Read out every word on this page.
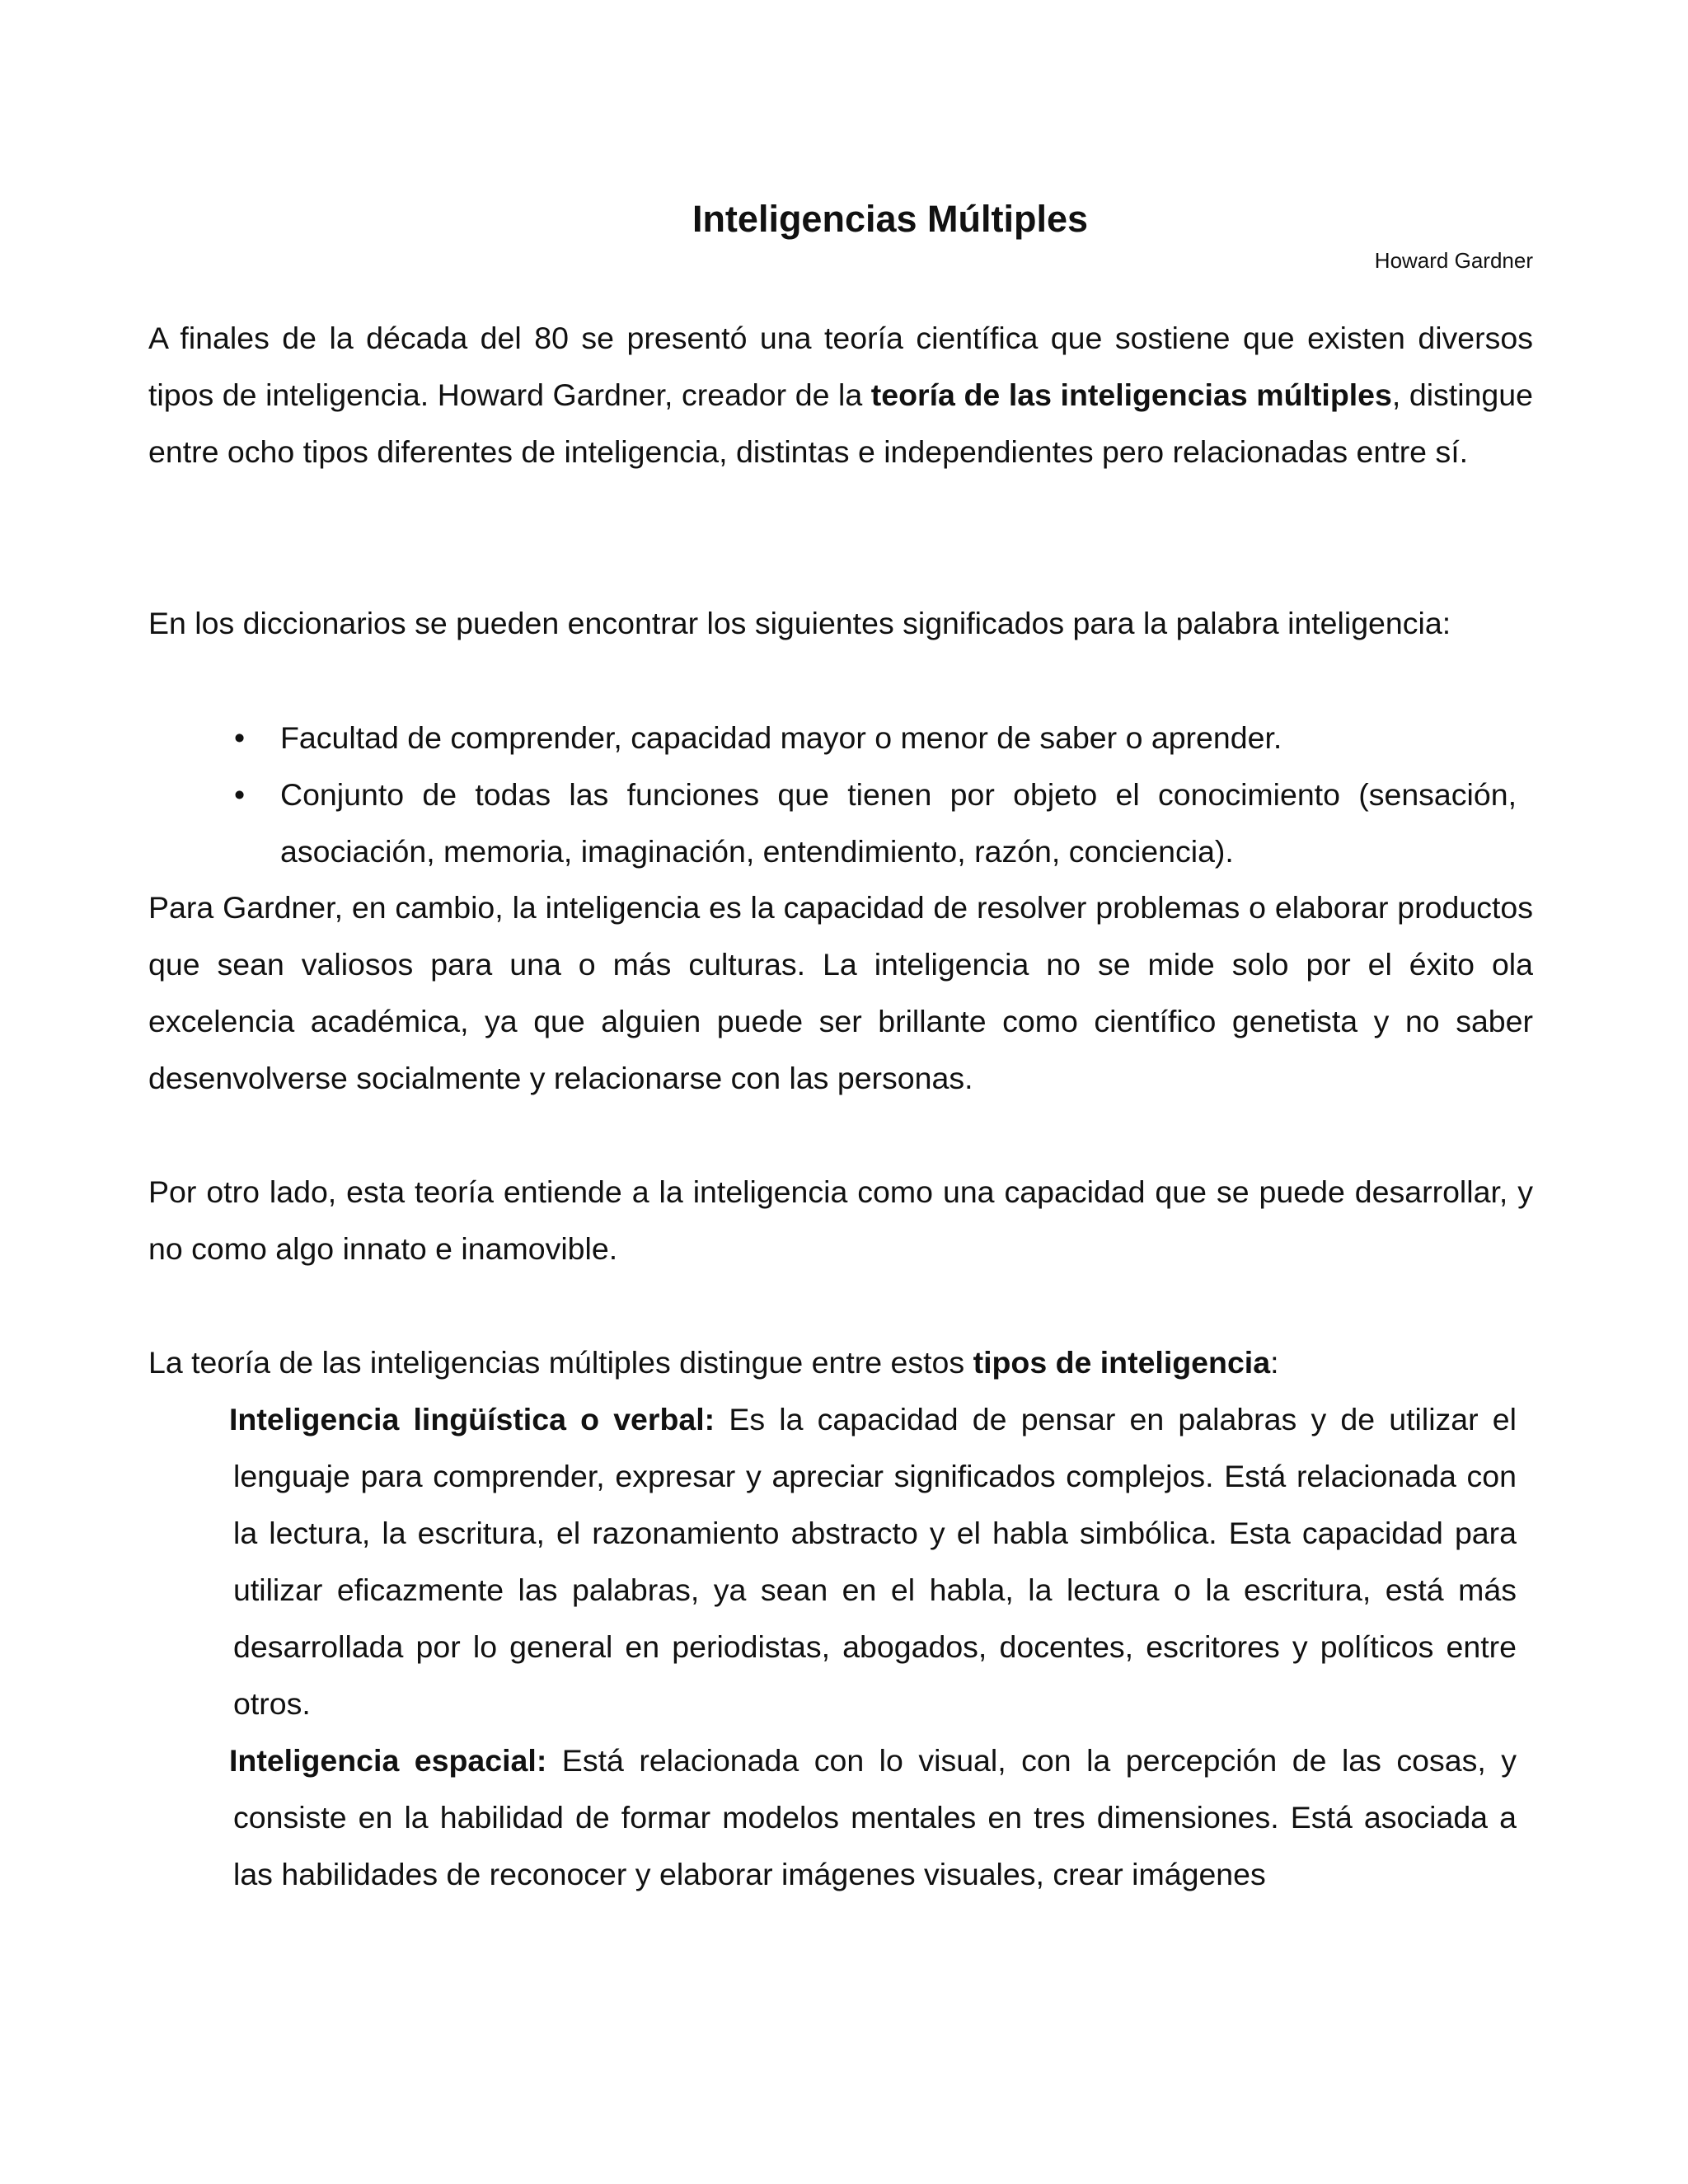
Inteligencias Múltiples
Howard Gardner

A finales de la década del 80 se presentó una teoría científica que sostiene que existen diversos tipos de inteligencia. Howard Gardner, creador de la teoría de las inteligencias múltiples, distingue entre ocho tipos diferentes de inteligencia, distintas e independientes pero relacionadas entre sí.

En los diccionarios se pueden encontrar los siguientes significados para la palabra inteligencia:

• Facultad de comprender, capacidad mayor o menor de saber o aprender.
• Conjunto de todas las funciones que tienen por objeto el conocimiento (sensación, asociación, memoria, imaginación, entendimiento, razón, conciencia).

Para Gardner, en cambio, la inteligencia es la capacidad de resolver problemas o elaborar productos que sean valiosos para una o más culturas. La inteligencia no se mide solo por el éxito ola excelencia académica, ya que alguien puede ser brillante como científico genetista y no saber desenvolverse socialmente y relacionarse con las personas.

Por otro lado, esta teoría entiende a la inteligencia como una capacidad que se puede desarrollar, y no como algo innato e inamovible.

La teoría de las inteligencias múltiples distingue entre estos tipos de inteligencia:

Inteligencia lingüística o verbal: Es la capacidad de pensar en palabras y de utilizar el lenguaje para comprender, expresar y apreciar significados complejos. Está relacionada con la lectura, la escritura, el razonamiento abstracto y el habla simbólica. Esta capacidad para utilizar eficazmente las palabras, ya sean en el habla, la lectura o la escritura, está más desarrollada por lo general en periodistas, abogados, docentes, escritores y políticos entre otros.
Inteligencia espacial: Está relacionada con lo visual, con la percepción de las cosas, y consiste en la habilidad de formar modelos mentales en tres dimensiones. Está asociada a las habilidades de reconocer y elaborar imágenes visuales, crear imágenes
